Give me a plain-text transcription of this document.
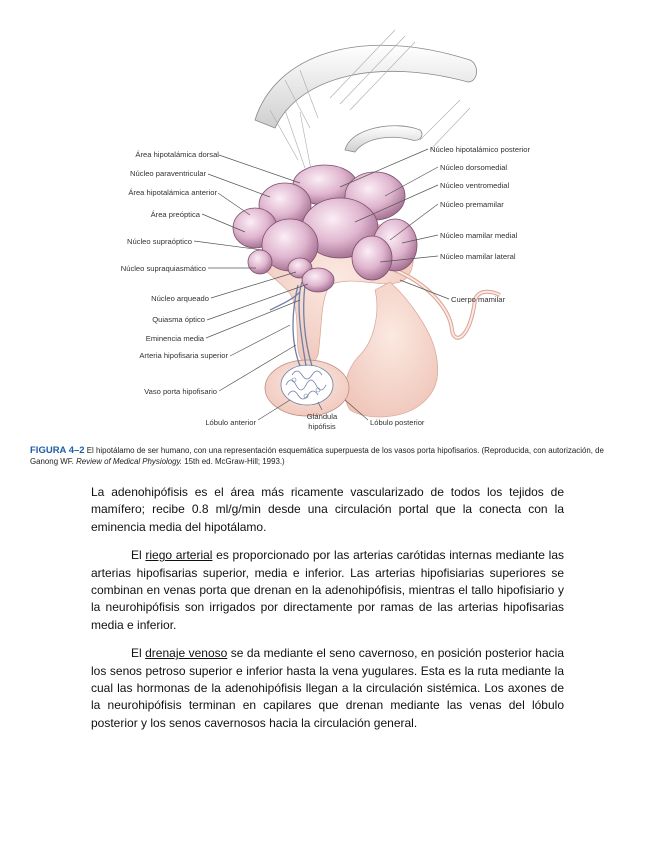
Área hipotalámica dorsal
Núcleo paraventricular
Área hipotalámica anterior
Área preóptica
Núcleo supraóptico
Núcleo supraquiasmático
Núcleo arqueado
Quiasma óptico
Eminencia media
Arteria hipofisaria superior
Vaso porta hipofisario
Núcleo hipotalámico posterior
Núcleo dorsomedial
Núcleo ventromedial
Núcleo premamilar
Núcleo mamilar medial
Núcleo mamilar lateral
Cuerpo mamilar
Lóbulo anterior
Glándula
hipófisis	Lóbulo posterior
FIGURA 4–2 El hipotálamo de ser humano, con una representación esquemática superpuesta de los vasos porta hipofisarios. (Reproducida, con autorización, de Ganong WF. Review of Medical Physiology. 15th ed. McGraw-Hill; 1993.)

La adenohipófisis es el área más ricamente vascularizado de todos los tejidos de mamífero; recibe 0.8 ml/g/min desde una circulación portal que la conecta con la eminencia media del hipotálamo.

El riego arterial es proporcionado por las arterias carótidas internas mediante las arterias hipofisarias superior, media e inferior. Las arterias hipofisiarias superiores se combinan en venas porta que drenan en la adenohipófisis, mientras el tallo hipofisiario y la neurohipófisis son irrigados por directamente por ramas de las arterias hipofisarias media e inferior.

El drenaje venoso se da mediante el seno cavernoso, en posición posterior hacia los senos petroso superior e inferior hasta la vena yugulares. Esta es la ruta mediante la cual las hormonas de la adenohipófisis llegan a la circulación sistémica. Los axones de la neurohipófisis terminan en capilares que drenan mediante las venas del lóbulo posterior y los senos cavernosos hacia la circulación general.
